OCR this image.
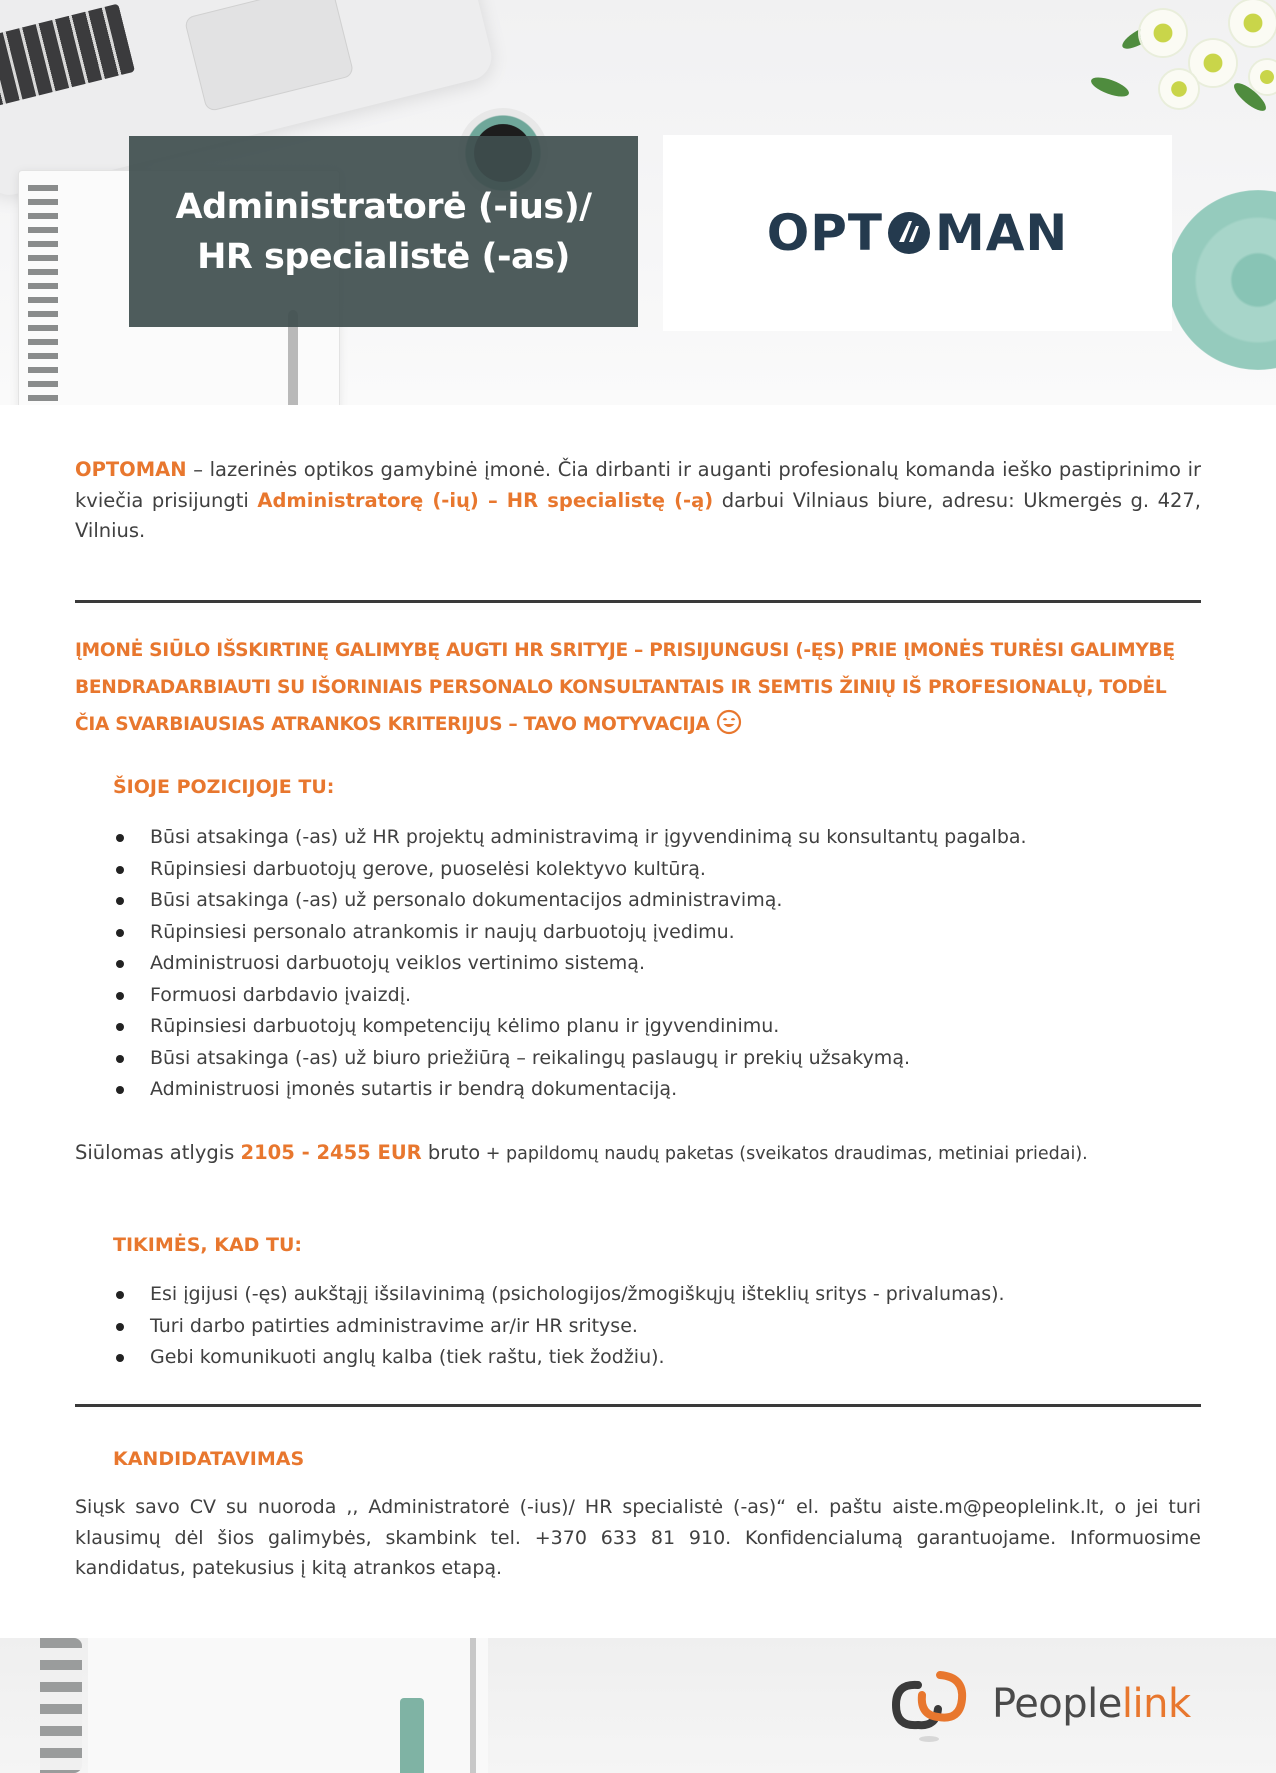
Administratorė (-ius)/
HR specialistė (-as)	OPT MAN

OPTOMAN – lazerinės optikos gamybinė įmonė. Čia dirbanti ir auganti profesionalų komanda ieško pastiprinimo ir kviečia prisijungti Administratorę (-ių) – HR specialistę (-ą) darbui Vilniaus biure, adresu: Ukmergės g. 427, Vilnius.

ĮMONĖ SIŪLO IŠSKIRTINĘ GALIMYBĘ AUGTI HR SRITYJE – PRISIJUNGUSI (-ĘS) PRIE ĮMONĖS TURĖSI GALIMYBĘ BENDRADARBIAUTI SU IŠORINIAIS PERSONALO KONSULTANTAIS IR SEMTIS ŽINIŲ IŠ PROFESIONALŲ, TODĖL ČIA SVARBIAUSIAS ATRANKOS KRITERIJUS – TAVO MOTYVACIJA
ŠIOJE POZICIJOJE TU:
Būsi atsakinga (-as) už HR projektų administravimą ir įgyvendinimą su konsultantų pagalba.
Rūpinsiesi darbuotojų gerove, puoselėsi kolektyvo kultūrą.
Būsi atsakinga (-as) už personalo dokumentacijos administravimą.
Rūpinsiesi personalo atrankomis ir naujų darbuotojų įvedimu.
Administruosi darbuotojų veiklos vertinimo sistemą.
Formuosi darbdavio įvaizdį.
Rūpinsiesi darbuotojų kompetencijų kėlimo planu ir įgyvendinimu.
Būsi atsakinga (-as) už biuro priežiūrą – reikalingų paslaugų ir prekių užsakymą.
Administruosi įmonės sutartis ir bendrą dokumentaciją.
Siūlomas atlygis 2105 - 2455 EUR bruto + papildomų naudų paketas (sveikatos draudimas, metiniai priedai).
TIKIMĖS, KAD TU:
Esi įgijusi (-ęs) aukštąjį išsilavinimą (psichologijos/žmogiškųjų išteklių sritys - privalumas).
Turi darbo patirties administravime ar/ir HR srityse.
Gebi komunikuoti anglų kalba (tiek raštu, tiek žodžiu).
KANDIDATAVIMAS

Siųsk savo CV su nuoroda ,, Administratorė (-ius)/ HR specialistė (-as)“ el. paštu aiste.m@peoplelink.lt, o jei turi klausimų dėl šios galimybės, skambink tel. +370 633 81 910. Konfidencialumą garantuojame. Informuosime kandidatus, patekusius į kitą atrankos etapą.

Peoplelink
